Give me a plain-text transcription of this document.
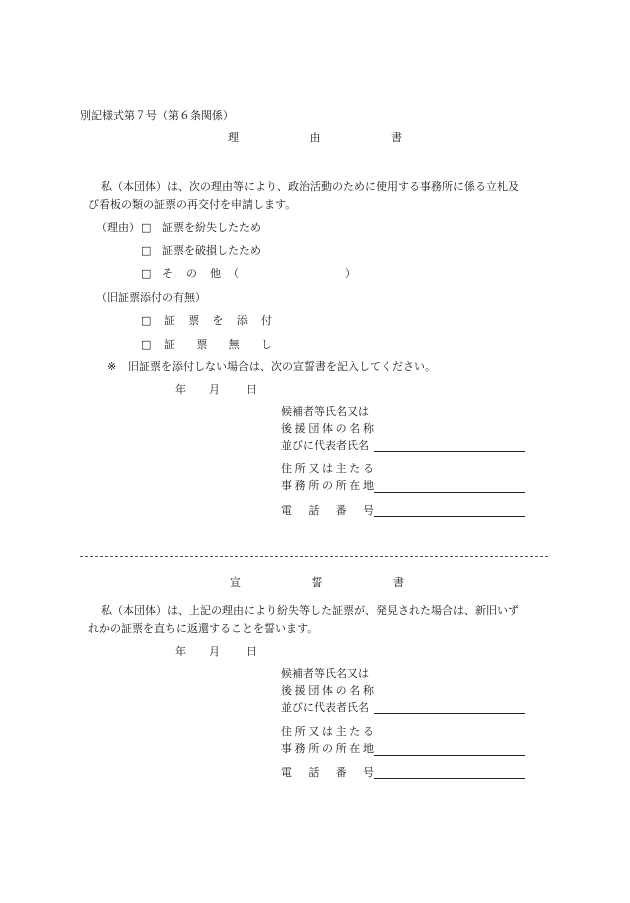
別記様式第７号（第６条関係）
理	由	書
私（本団体）は、次の理由等により、政治活動のために使用する事務所に係る立札及
び看板の類の証票の再交付を申請します。
（理由） □ 証票を紛失したため
□ 証票を破損したため
□ そ の 他 （	）
（旧証票添付の有無）
□ 証 票 を 添 付
□ 証 票 無 し
※ 旧証票を添付しない場合は、次の宣誓書を記入してください。
年 月 日
候補者等氏名又は
後 援 団 体 の 名 称
並びに代表者氏名
住 所 又 は 主 た る
事 務 所 の 所 在 地
電 話 番 号
宣	誓	書
私（本団体）は、上記の理由により紛失等した証票が、発見された場合は、新旧いず
れかの証票を直ちに返還することを誓います。
年 月 日
候補者等氏名又は
後 援 団 体 の 名 称
並びに代表者氏名
住 所 又 は 主 た る
事 務 所 の 所 在 地
電 話 番 号
